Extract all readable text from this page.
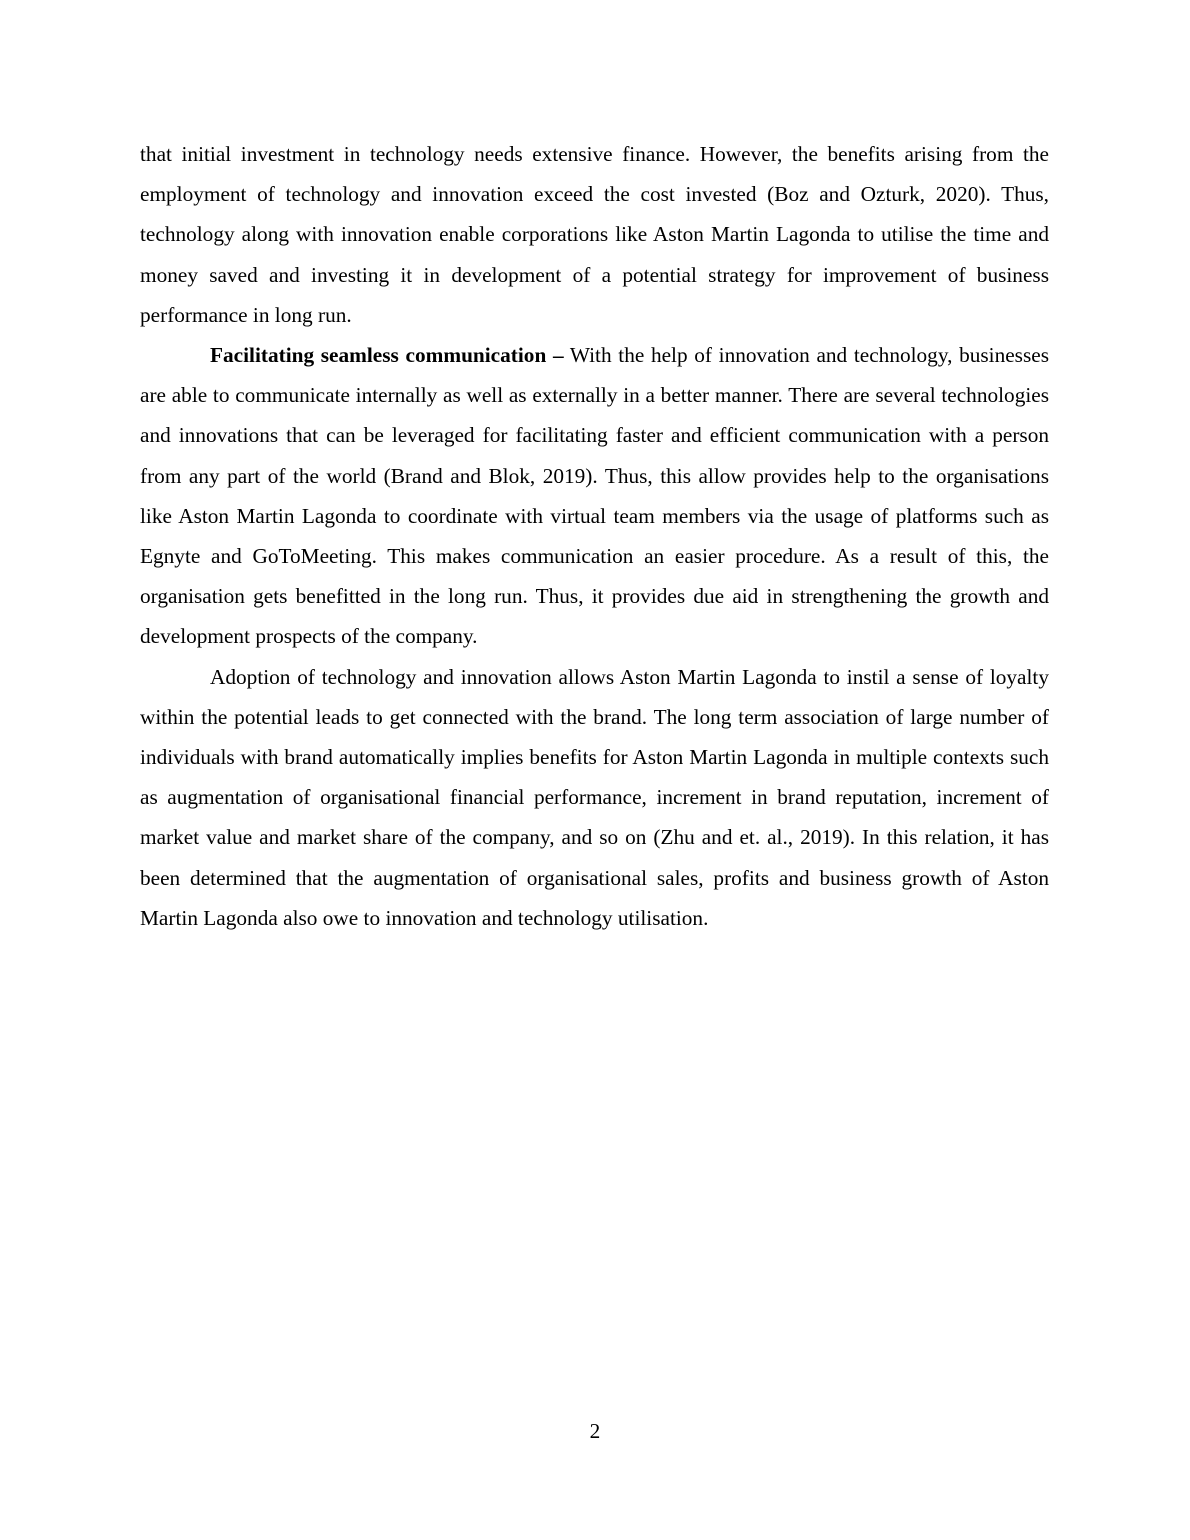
that initial investment in technology needs extensive finance. However, the benefits arising from the employment of technology and innovation exceed the cost invested (Boz and Ozturk, 2020). Thus, technology along with innovation enable corporations like Aston Martin Lagonda to utilise the time and money saved and investing it in development of a potential strategy for improvement of business performance in long run.

Facilitating seamless communication – With the help of innovation and technology, businesses are able to communicate internally as well as externally in a better manner. There are several technologies and innovations that can be leveraged for facilitating faster and efficient communication with a person from any part of the world (Brand and Blok, 2019). Thus, this allow provides help to the organisations like Aston Martin Lagonda to coordinate with virtual team members via the usage of platforms such as Egnyte and GoToMeeting. This makes communication an easier procedure. As a result of this, the organisation gets benefitted in the long run. Thus, it provides due aid in strengthening the growth and development prospects of the company.

Adoption of technology and innovation allows Aston Martin Lagonda to instil a sense of loyalty within the potential leads to get connected with the brand. The long term association of large number of individuals with brand automatically implies benefits for Aston Martin Lagonda in multiple contexts such as augmentation of organisational financial performance, increment in brand reputation, increment of market value and market share of the company, and so on (Zhu and et. al., 2019). In this relation, it has been determined that the augmentation of organisational sales, profits and business growth of Aston Martin Lagonda also owe to innovation and technology utilisation.

2
